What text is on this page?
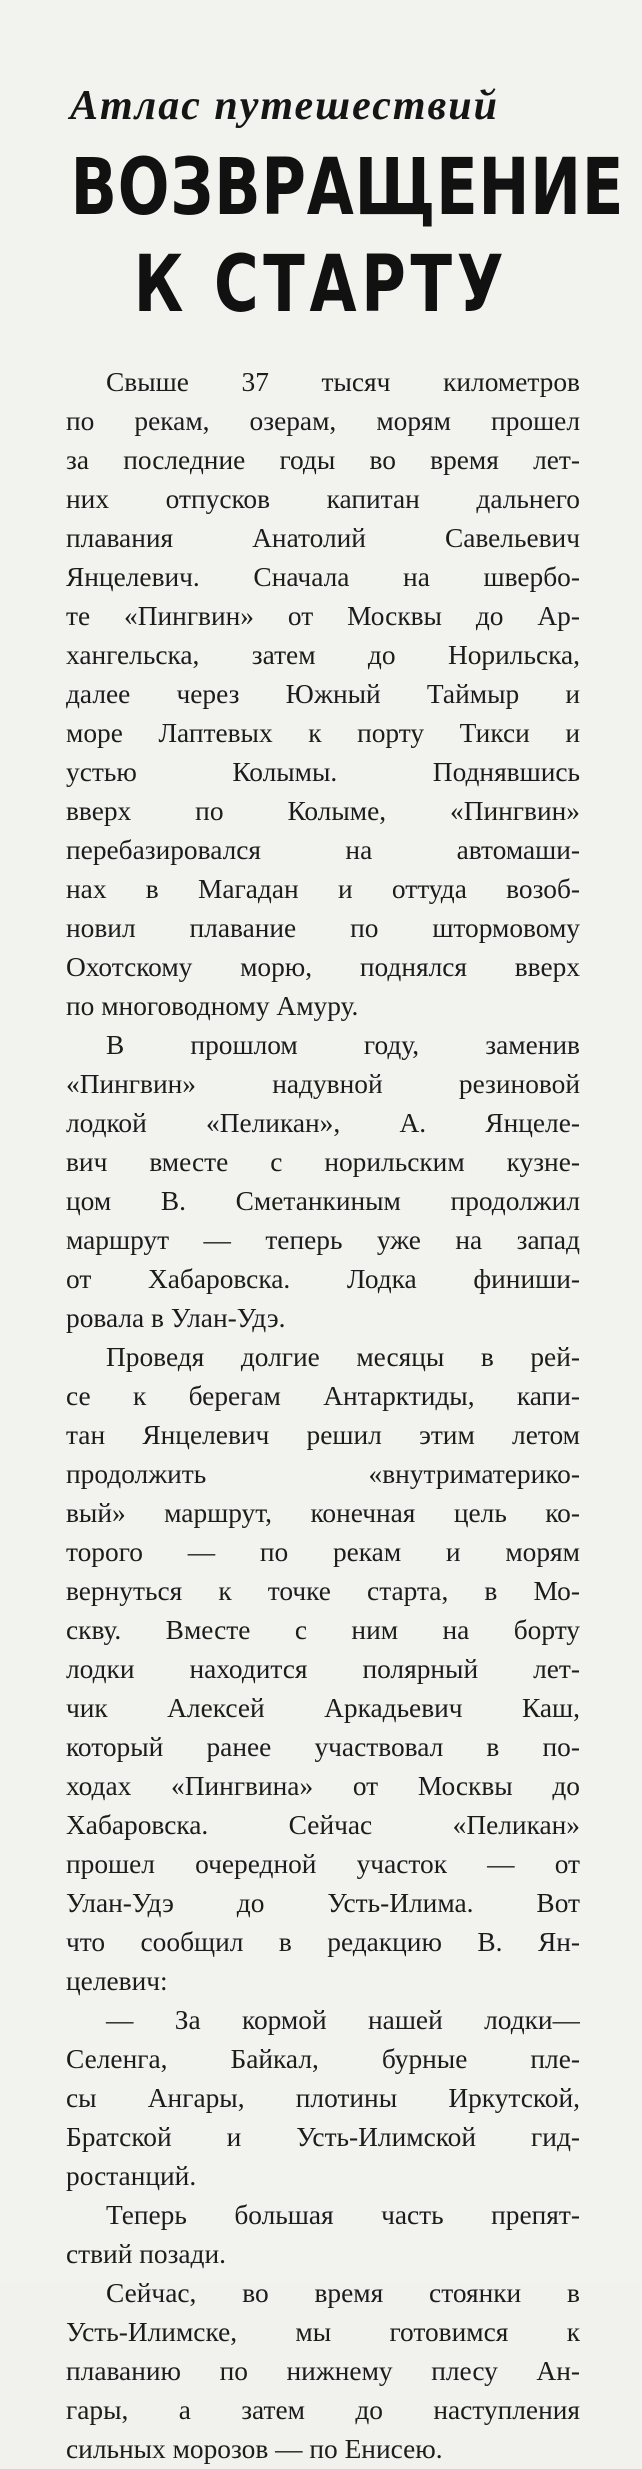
Атлас путешествий
ВОЗВРАЩЕНИЕ
К СТАРТУ
Свыше 37 тысяч километров
по рекам, озерам, морям прошел
за последние годы во время лет-
них отпусков капитан дальнего
плавания Анатолий Савельевич
Янцелевич. Сначала на швербо-
те «Пингвин» от Москвы до Ар-
хангельска, затем до Норильска,
далее через Южный Таймыр и
море Лаптевых к порту Тикси и
устью Колымы. Поднявшись
вверх по Колыме, «Пингвин»
перебазировался на автомаши-
нах в Магадан и оттуда возоб-
новил плавание по штормовому
Охотскому морю, поднялся вверх
по многоводному Амуру.
В прошлом году, заменив
«Пингвин» надувной резиновой
лодкой «Пеликан», А. Янцеле-
вич вместе с норильским кузне-
цом В. Сметанкиным продолжил
маршрут — теперь уже на запад
от Хабаровска. Лодка финиши-
ровала в Улан-Удэ.
Проведя долгие месяцы в рей-
се к берегам Антарктиды, капи-
тан Янцелевич решил этим летом
продолжить «внутриматерико-
вый» маршрут, конечная цель ко-
торого — по рекам и морям
вернуться к точке старта, в Мо-
скву. Вместе с ним на борту
лодки находится полярный лет-
чик Алексей Аркадьевич Каш,
который ранее участвовал в по-
ходах «Пингвина» от Москвы до
Хабаровска. Сейчас «Пеликан»
прошел очередной участок — от
Улан-Удэ до Усть-Илима. Вот
что сообщил в редакцию В. Ян-
целевич:
— За кормой нашей лодки—
Селенга, Байкал, бурные пле-
сы Ангары, плотины Иркутской,
Братской и Усть-Илимской гид-
ростанций.
Теперь большая часть препят-
ствий позади.
Сейчас, во время стоянки в
Усть-Илимске, мы готовимся к
плаванию по нижнему плесу Ан-
гары, а затем до наступления
сильных морозов — по Енисею.
